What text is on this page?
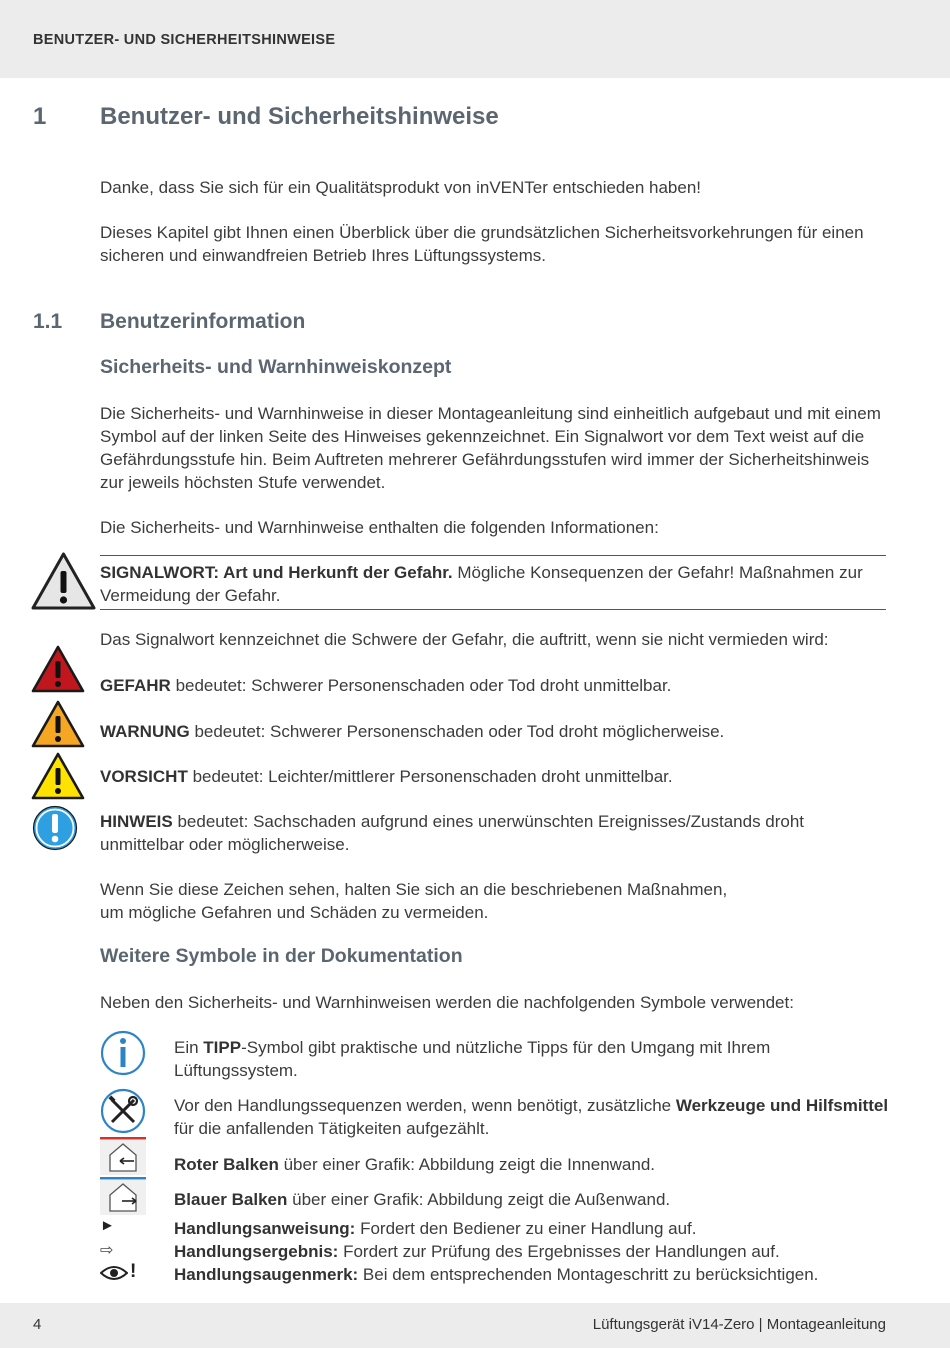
BENUTZER- UND SICHERHEITSHINWEISE
1 Benutzer- und Sicherheitshinweise
Danke, dass Sie sich für ein Qualitätsprodukt von inVENTer entschieden haben!
Dieses Kapitel gibt Ihnen einen Überblick über die grundsätzlichen Sicherheitsvorkehrungen für einen sicheren und einwandfreien Betrieb Ihres Lüftungssystems.
1.1 Benutzerinformation
Sicherheits- und Warnhinweiskonzept
Die Sicherheits- und Warnhinweise in dieser Montageanleitung sind einheitlich aufgebaut und mit einem Symbol auf der linken Seite des Hinweises gekennzeichnet. Ein Signalwort vor dem Text weist auf die Gefährdungsstufe hin. Beim Auftreten mehrerer Gefährdungsstufen wird immer der Sicherheitshinweis zur jeweils höchsten Stufe verwendet.
Die Sicherheits- und Warnhinweise enthalten die folgenden Informationen:
SIGNALWORT: Art und Herkunft der Gefahr. Mögliche Konsequenzen der Gefahr! Maßnahmen zur Vermeidung der Gefahr.
Das Signalwort kennzeichnet die Schwere der Gefahr, die auftritt, wenn sie nicht vermieden wird:
GEFAHR bedeutet: Schwerer Personenschaden oder Tod droht unmittelbar.
WARNUNG bedeutet: Schwerer Personenschaden oder Tod droht möglicherweise.
VORSICHT bedeutet: Leichter/mittlerer Personenschaden droht unmittelbar.
HINWEIS bedeutet: Sachschaden aufgrund eines unerwünschten Ereignisses/Zustands droht unmittelbar oder möglicherweise.
Wenn Sie diese Zeichen sehen, halten Sie sich an die beschriebenen Maßnahmen,
um mögliche Gefahren und Schäden zu vermeiden.
Weitere Symbole in der Dokumentation
Neben den Sicherheits- und Warnhinweisen werden die nachfolgenden Symbole verwendet:
Ein TIPP-Symbol gibt praktische und nützliche Tipps für den Umgang mit Ihrem Lüftungssystem.
Vor den Handlungssequenzen werden, wenn benötigt, zusätzliche Werkzeuge und Hilfsmittel für die anfallenden Tätigkeiten aufgezählt.
Roter Balken über einer Grafik: Abbildung zeigt die Innenwand.
Blauer Balken über einer Grafik: Abbildung zeigt die Außenwand.
►	Handlungsanweisung: Fordert den Bediener zu einer Handlung auf.
⇨	Handlungsergebnis: Fordert zur Prüfung des Ergebnisses der Handlungen auf.
! Handlungsaugenmerk: Bei dem entsprechenden Montageschritt zu berücksichtigen.
4	Lüftungsgerät iV14-Zero | Montageanleitung
